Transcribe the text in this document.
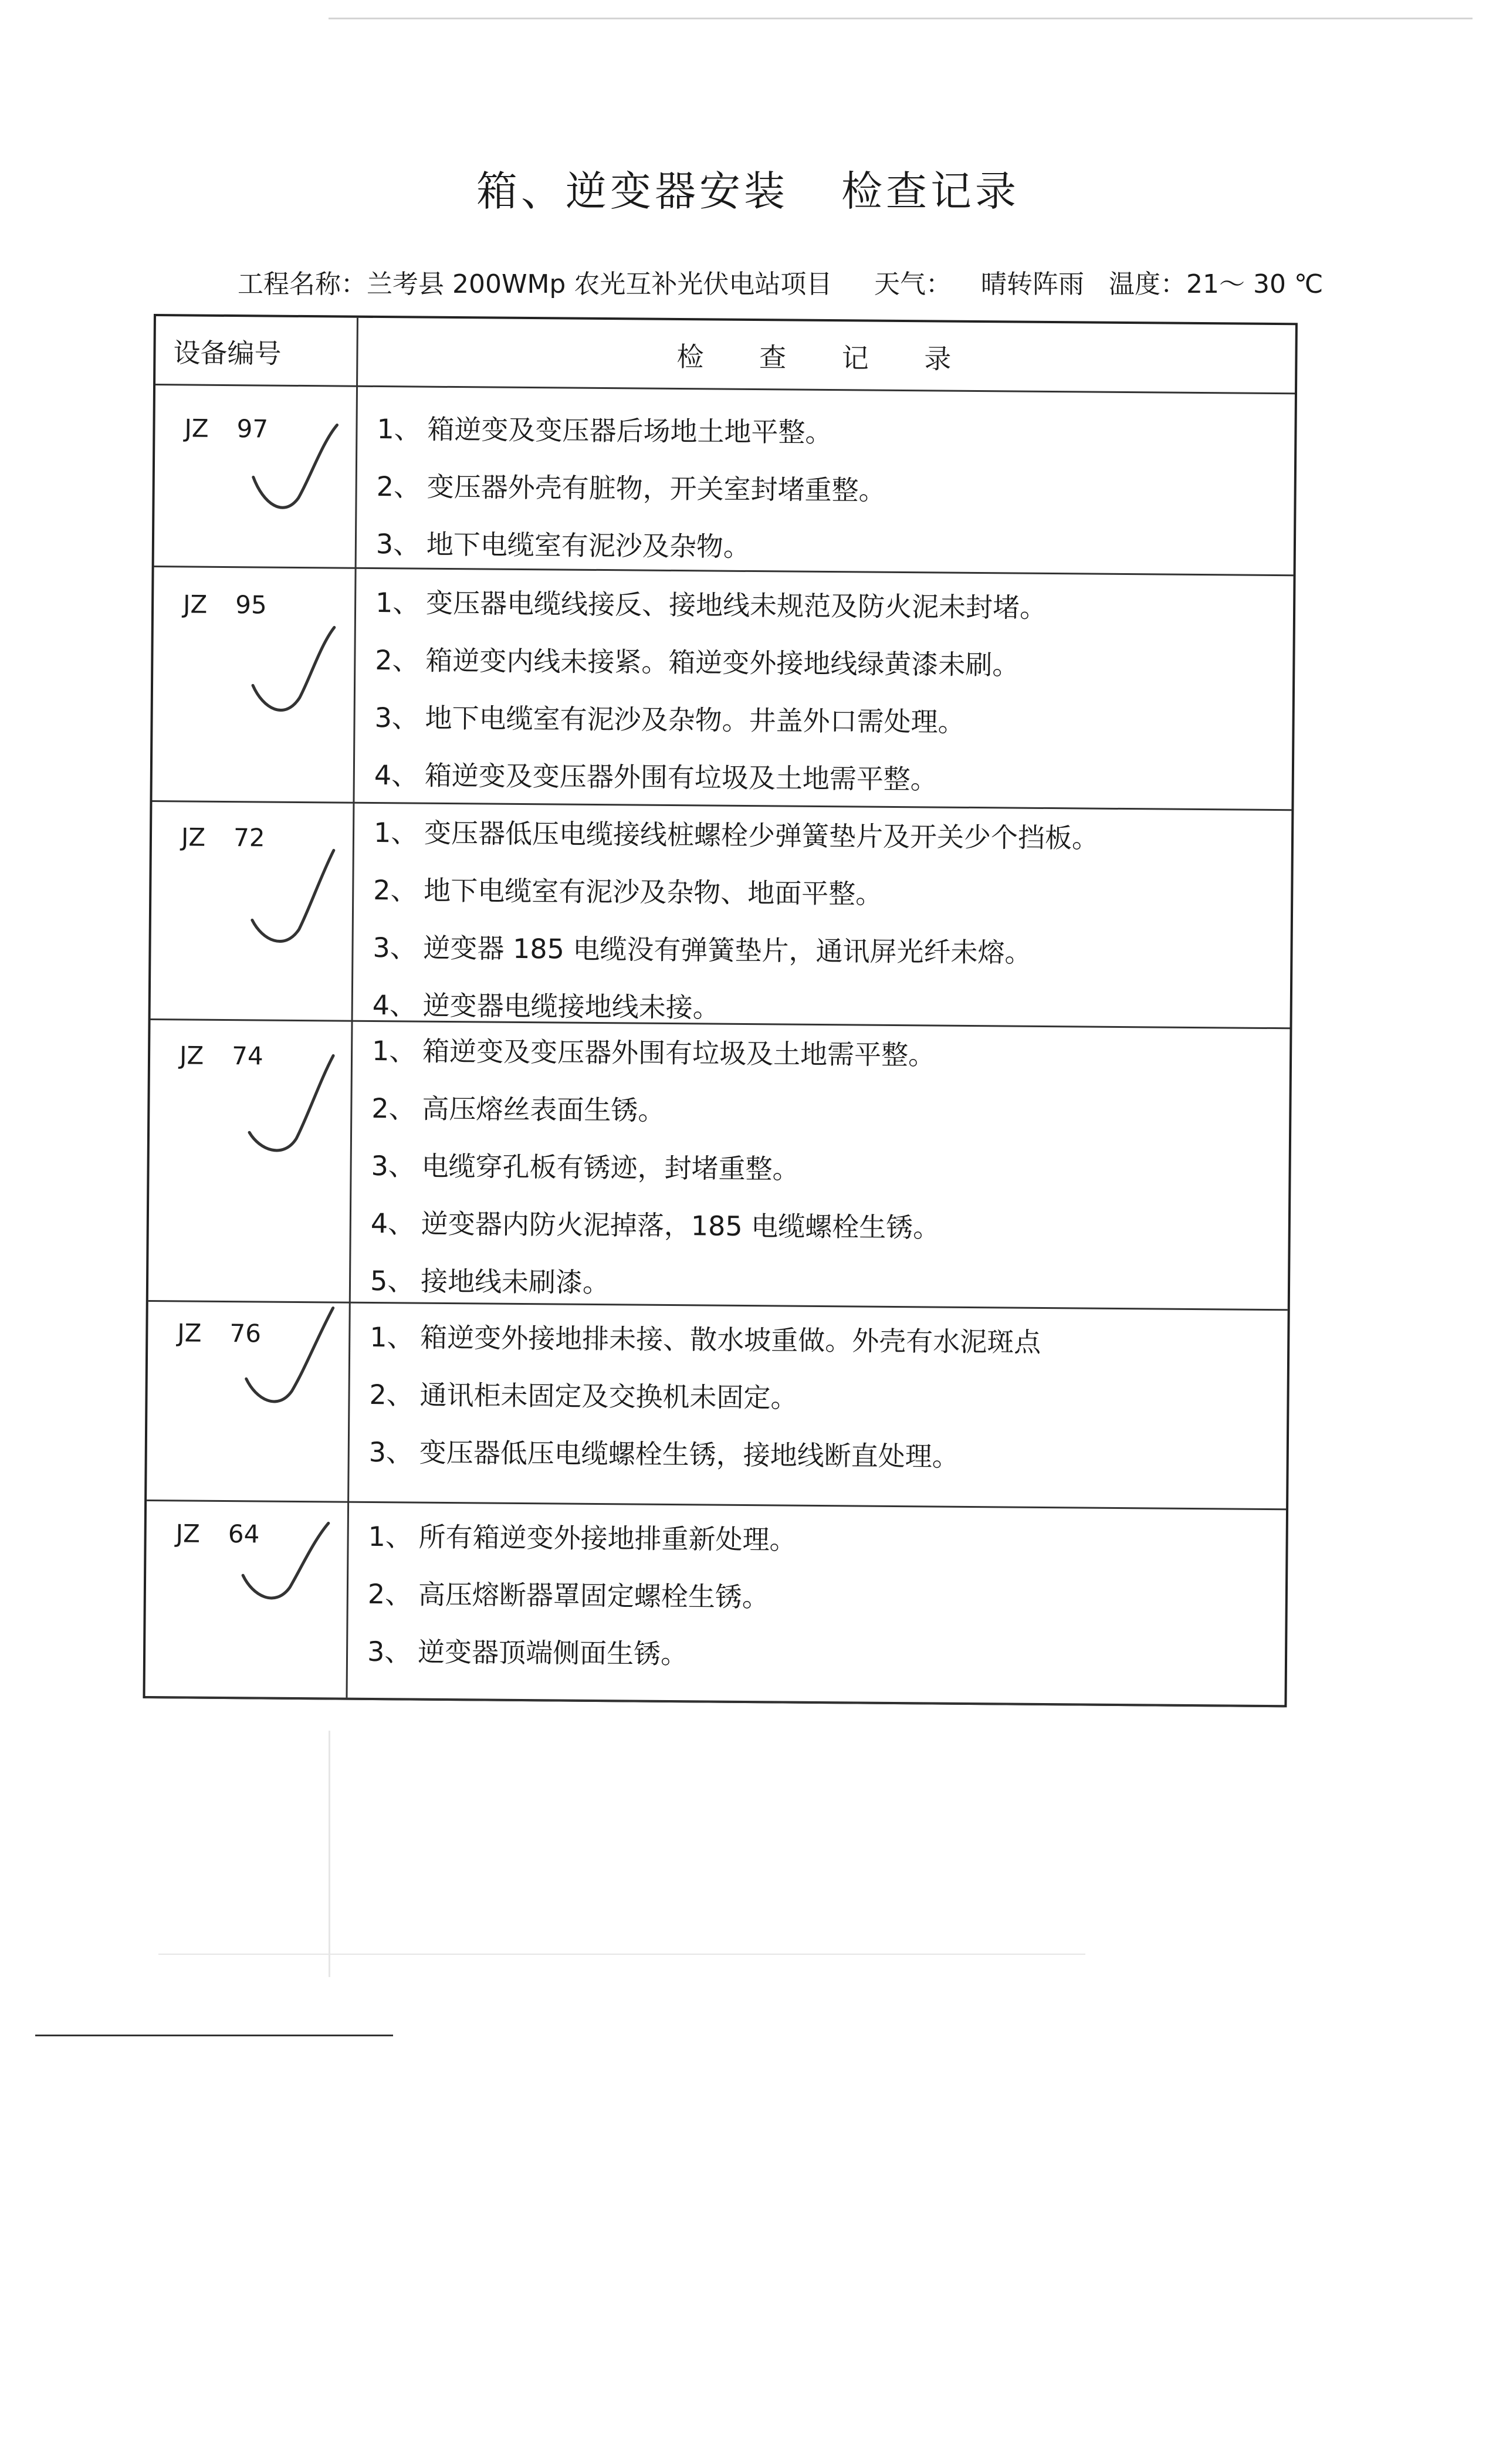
箱、逆变器安装 检查记录
工程名称：兰考县 200WMp 农光互补光伏电站项目 天气： 晴转阵雨 温度：21～ 30 ℃
设备编号	检 查 记 录
JZ 97	1、 箱逆变及变压器后场地土地平整。
2、 变压器外壳有脏物，开关室封堵重整。
3、 地下电缆室有泥沙及杂物。
JZ 95	1、 变压器电缆线接反、接地线未规范及防火泥未封堵。
2、 箱逆变内线未接紧。箱逆变外接地线绿黄漆未刷。
3、 地下电缆室有泥沙及杂物。井盖外口需处理。
4、 箱逆变及变压器外围有垃圾及土地需平整。
JZ 72	1、 变压器低压电缆接线桩螺栓少弹簧垫片及开关少个挡板。
2、 地下电缆室有泥沙及杂物、地面平整。
3、 逆变器 185 电缆没有弹簧垫片，通讯屏光纤未熔。
4、 逆变器电缆接地线未接。
JZ 74	1、 箱逆变及变压器外围有垃圾及土地需平整。
2、 高压熔丝表面生锈。
3、 电缆穿孔板有锈迹，封堵重整。
4、 逆变器内防火泥掉落，185 电缆螺栓生锈。
5、 接地线未刷漆。
JZ 76	1、 箱逆变外接地排未接、散水坡重做。外壳有水泥斑点
2、 通讯柜未固定及交换机未固定。
3、 变压器低压电缆螺栓生锈，接地线断直处理。
JZ 64	1、 所有箱逆变外接地排重新处理。
2、 高压熔断器罩固定螺栓生锈。
3、 逆变器顶端侧面生锈。
